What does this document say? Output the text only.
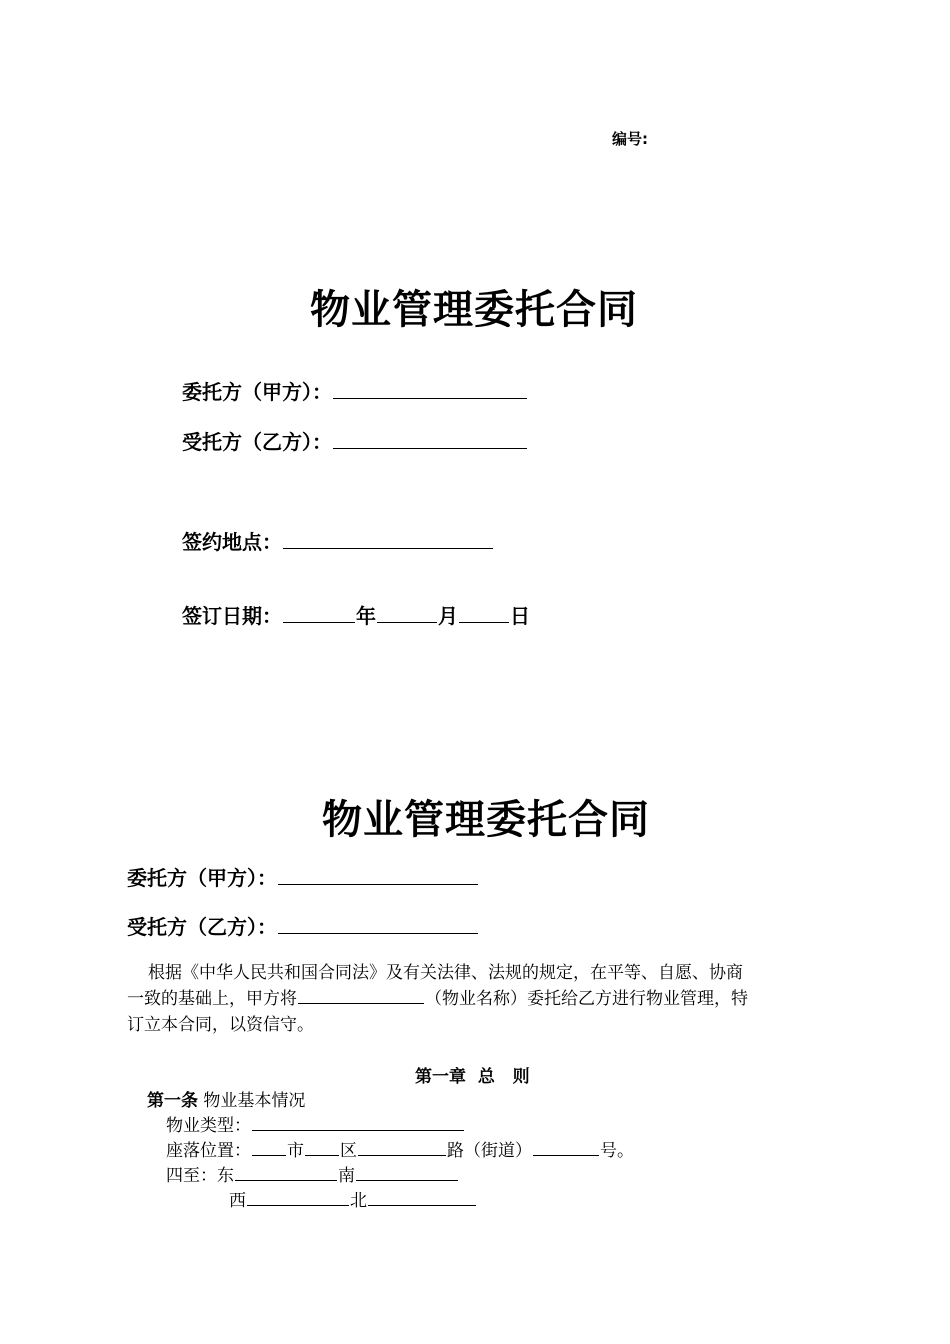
编号:
物业管理委托合同
委托方（甲方）：
受托方（乙方）：
签约地点：
签订日期：	年	月	日
物业管理委托合同
委托方（甲方）：
受托方（乙方）：
根据《中华人民共和国合同法》及有关法律、法规的规定，在平等、自愿、协商
一致的基础上，甲方将	（物业名称）委托给乙方进行物业管理，特
订立本合同，以资信守。
第一章  总   则
第一条 物业基本情况
物业类型：
座落位置： 市 区	路（街道）	号。
四至：东	南
西	北
